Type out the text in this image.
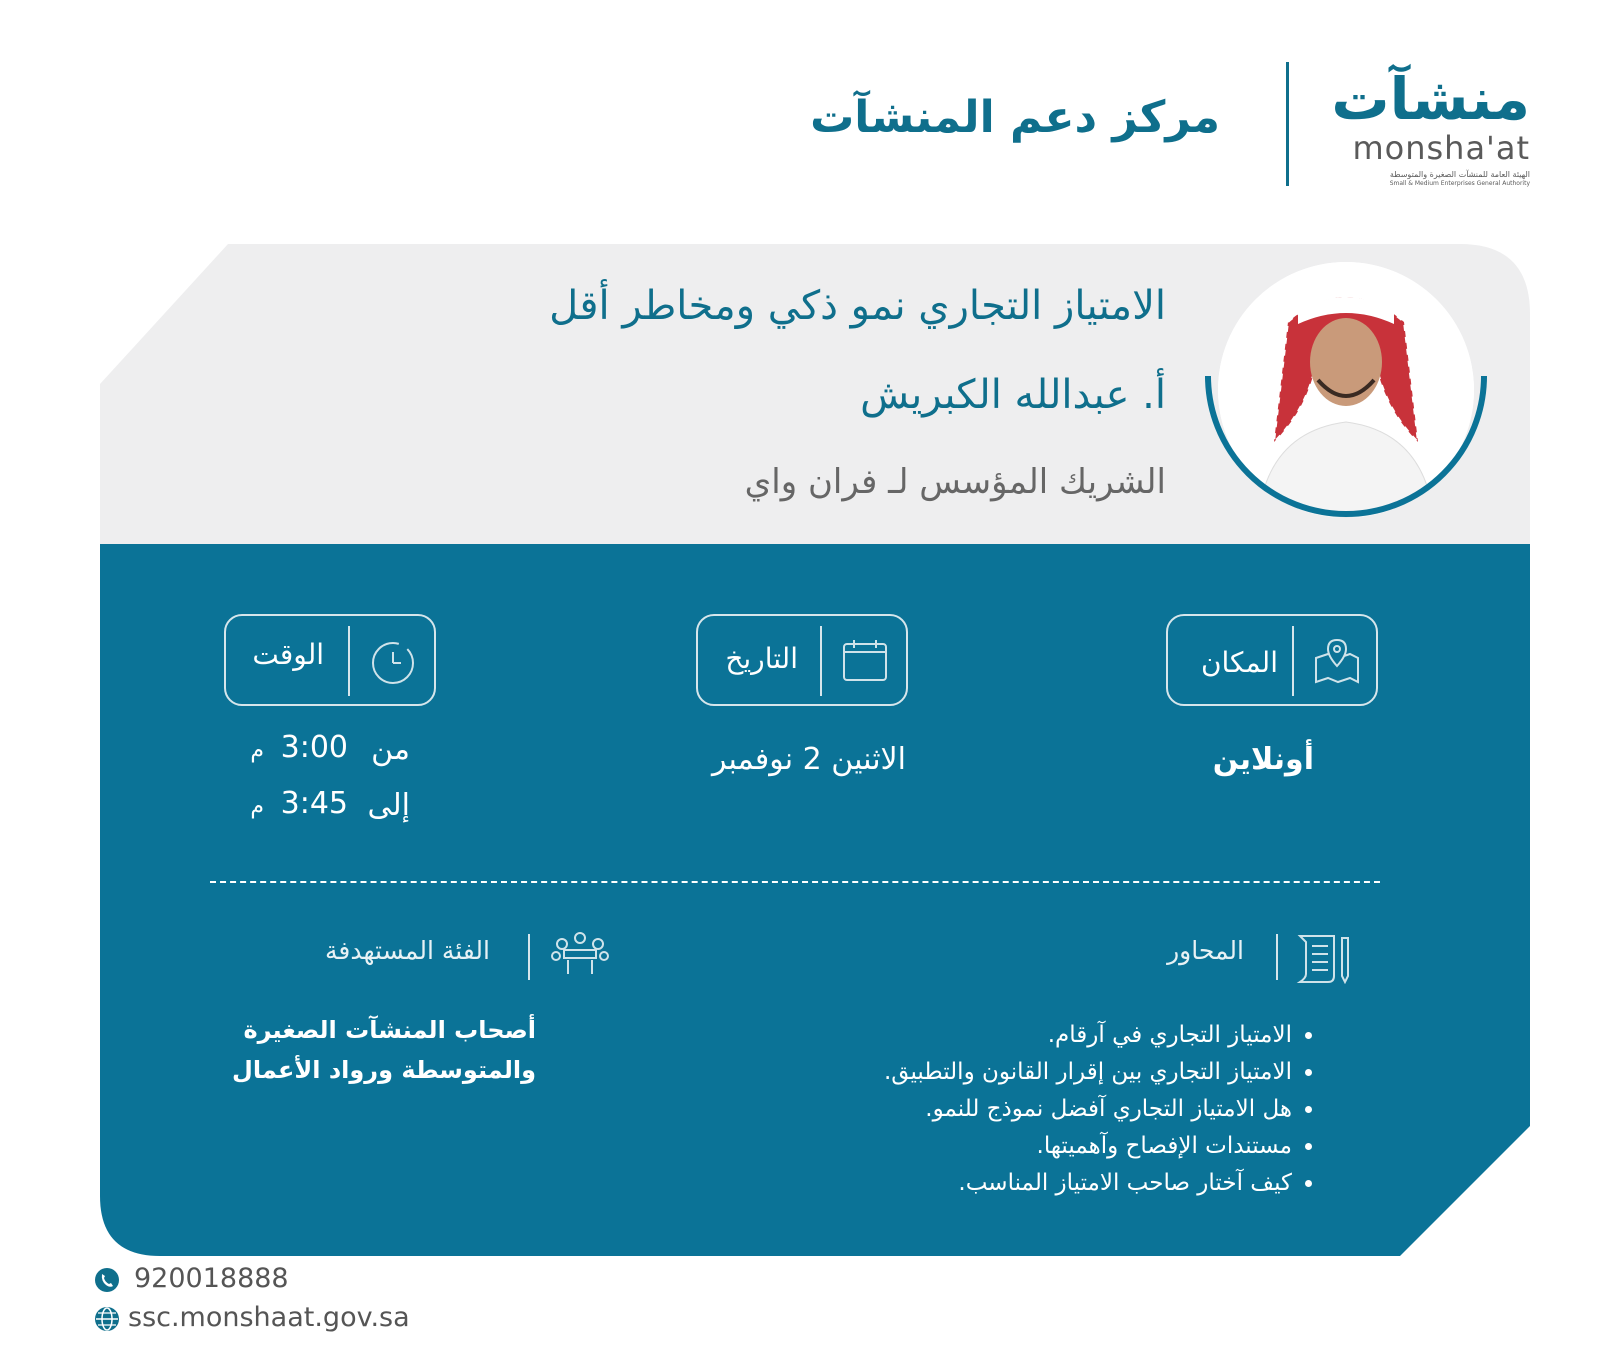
مركز دعم المنشآت منشآت
monsha'at
الهيئة العامة للمنشآت الصغيرة والمتوسطة
Small & Medium Enterprises General Authority
الامتياز التجاري نمو ذكي ومخاطر أقل
أ. عبدالله الكبريش
الشريك المؤسس لـ فران واي
المكان
أونلاين
التاريخ
الاثنين 2 نوفمبر
الوقت
من
3:00
م
إلى
3:45
م
المحاور
• الامتياز التجاري في آرقام.
• الامتياز التجاري بين إقرار القانون والتطبيق.
• هل الامتياز التجاري آفضل نموذج للنمو.
• مستندات الإفصاح وآهميتها.
• كيف آختار صاحب الامتياز المناسب.
الفئة المستهدفة
أصحاب المنشآت الصغيرة
والمتوسطة ورواد الأعمال
920018888
ssc.monshaat.gov.sa
